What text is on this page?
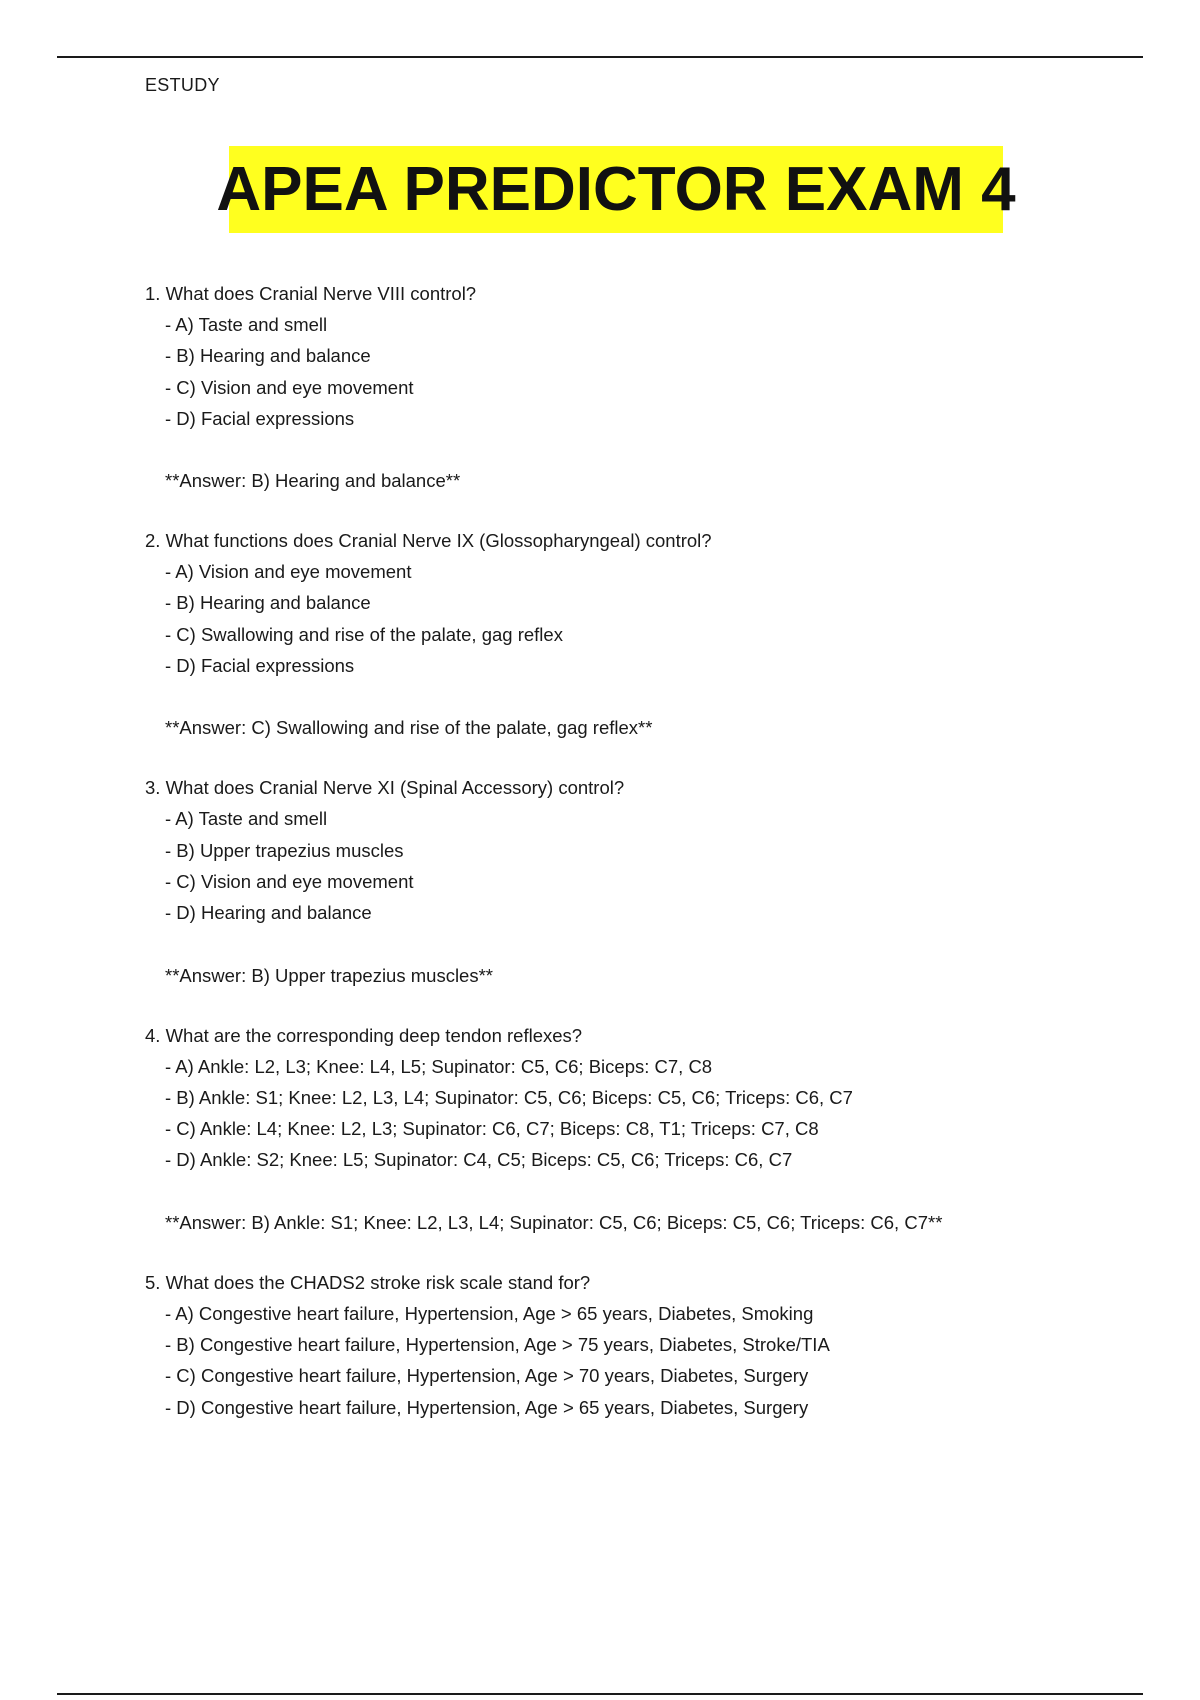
ESTUDY
APEA PREDICTOR EXAM 4
1. What does Cranial Nerve VIII control?
- A) Taste and smell
- B) Hearing and balance
- C) Vision and eye movement
- D) Facial expressions
**Answer: B) Hearing and balance**
2. What functions does Cranial Nerve IX (Glossopharyngeal) control?
- A) Vision and eye movement
- B) Hearing and balance
- C) Swallowing and rise of the palate, gag reflex
- D) Facial expressions
**Answer: C) Swallowing and rise of the palate, gag reflex**
3. What does Cranial Nerve XI (Spinal Accessory) control?
- A) Taste and smell
- B) Upper trapezius muscles
- C) Vision and eye movement
- D) Hearing and balance
**Answer: B) Upper trapezius muscles**
4. What are the corresponding deep tendon reflexes?
- A) Ankle: L2, L3; Knee: L4, L5; Supinator: C5, C6; Biceps: C7, C8
- B) Ankle: S1; Knee: L2, L3, L4; Supinator: C5, C6; Biceps: C5, C6; Triceps: C6, C7
- C) Ankle: L4; Knee: L2, L3; Supinator: C6, C7; Biceps: C8, T1; Triceps: C7, C8
- D) Ankle: S2; Knee: L5; Supinator: C4, C5; Biceps: C5, C6; Triceps: C6, C7
**Answer: B) Ankle: S1; Knee: L2, L3, L4; Supinator: C5, C6; Biceps: C5, C6; Triceps: C6, C7**
5. What does the CHADS2 stroke risk scale stand for?
- A) Congestive heart failure, Hypertension, Age > 65 years, Diabetes, Smoking
- B) Congestive heart failure, Hypertension, Age > 75 years, Diabetes, Stroke/TIA
- C) Congestive heart failure, Hypertension, Age > 70 years, Diabetes, Surgery
- D) Congestive heart failure, Hypertension, Age > 65 years, Diabetes, Surgery
